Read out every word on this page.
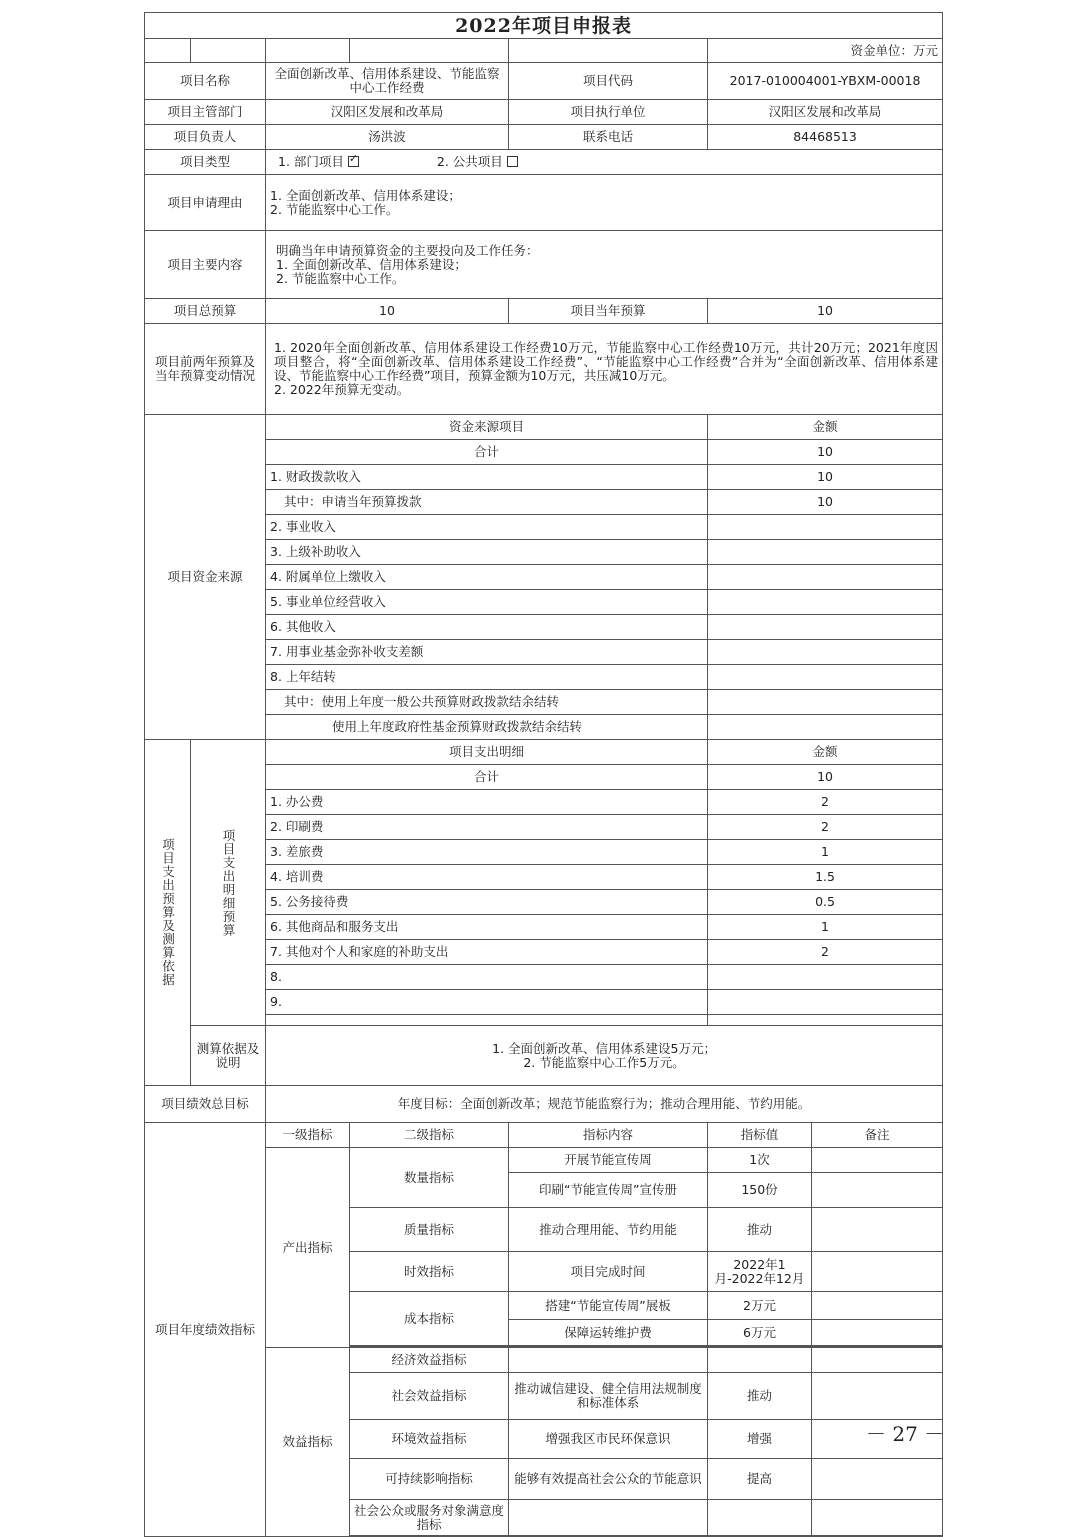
2022年项目申报表						
					资金单位：万元	
项目名称		全面创新改革、信用体系建设、节能监察中心工作经费		项目代码	2017-010004001-YBXM-00018	
项目主管部门		汉阳区发展和改革局		项目执行单位	汉阳区发展和改革局	
项目负责人		汤洪波		联系电话	84468513	
项目类型		1. 部门项目 ✓ 2. 公共项目
项目申请理由		1. 全面创新改革、信用体系建设；
2. 节能监察中心工作。				

项目主要内容		明确当年申请预算资金的主要投向及工作任务：
1. 全面创新改革、信用体系建设；
2. 节能监察中心工作。				

项目总预算		10		项目当年预算	10	
项目前两年预算及当年预算变动情况		1. 2020年全面创新改革、信用体系建设工作经费10万元，节能监察中心工作经费10万元，共计20万元；2021年度因项目整合，将“全面创新改革、信用体系建设工作经费”、“节能监察中心工作经费”合并为“全面创新改革、信用体系建设、节能监察中心工作经费”项目，预算金额为10万元，共压减10万元。
2. 2022年预算无变动。				

项目资金来源		资金来源项目			金额	
		合计			10	
		1. 财政拨款收入			10	
		其中：申请当年预算拨款			10	
		2. 事业收入				
		3. 上级补助收入				
		4. 附属单位上缴收入				
		5. 事业单位经营收入				
		6. 其他收入				
		7. 用事业基金弥补收支差额				
		8. 上年结转				
		其中：使用上年度一般公共预算财政拨款结余结转				
		使用上年度政府性基金预算财政拨款结余结转				

项目支出预算及测算依据	项目支出明细预算	项目支出明细			金额	
		合计			10	
		1. 办公费			2	
		2. 印刷费			2	
		3. 差旅费			1	
		4. 培训费			1.5	
		5. 公务接待费			0.5	
		6. 其他商品和服务支出			1	
		7. 其他对个人和家庭的补助支出			2	
		8.				
		9.				

	测算依据及说明	1. 全面创新改革、信用体系建设5万元；
2. 节能监察中心工作5万元。				

项目绩效总目标		年度目标：全面创新改革；规范节能监察行为；推动合理用能、节约用能。				
项目年度绩效指标		一级指标	二级指标	指标内容	指标值	备注
		产出指标	数量指标	开展节能宣传周	1次	
				印刷“节能宣传周”宣传册	150份	
			质量指标	推动合理用能、节约用能	推动	
			时效指标	项目完成时间	2022年1月-2022年12月	
			成本指标	搭建“节能宣传周”展板	2万元	
				保障运转维护费	6万元	

		效益指标	经济效益指标			
			社会效益指标	推动诚信建设、健全信用法规制度和标准体系	推动	
			环境效益指标	增强我区市民环保意识	增强	
			可持续影响指标	能够有效提高社会公众的节能意识	提高	
			社会公众或服务对象满意度指标			

－ 27 －
